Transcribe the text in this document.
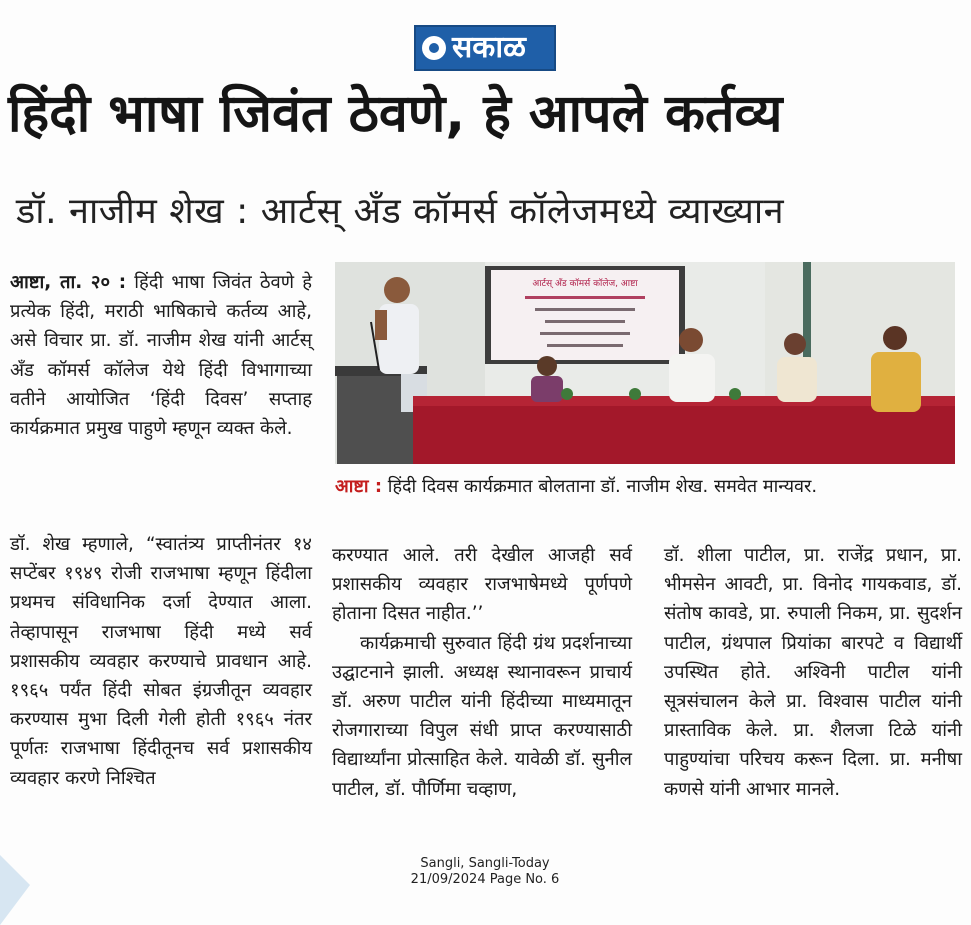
सकाळ
हिंदी भाषा जिवंत ठेवणे, हे आपले कर्तव्य
डॉ. नाजीम शेख : आर्टस् अँड कॉमर्स कॉलेजमध्ये व्याख्यान

आष्टा, ता. २० : हिंदी भाषा जिवंत ठेवणे हे प्रत्येक हिंदी, मराठी भाषिकाचे कर्तव्य आहे, असे विचार प्रा. डॉ. नाजीम शेख यांनी आर्टस् अँड कॉमर्स कॉलेज येथे हिंदी विभागाच्या वतीने आयोजित ‘हिंदी दिवस’ सप्ताह कार्यक्रमात प्रमुख पाहुणे म्हणून व्यक्त केले.

आर्टस् अँड कॉमर्स कॉलेज, आष्टा
आष्टा : हिंदी दिवस कार्यक्रमात बोलताना डॉ. नाजीम शेख. समवेत मान्यवर.

डॉ. शेख म्हणाले, “स्वातंत्र्य प्राप्तीनंतर १४ सप्टेंबर १९४९ रोजी राजभाषा म्हणून हिंदीला प्रथमच संविधानिक दर्जा देण्यात आला. तेव्हापासून राजभाषा हिंदी मध्ये सर्व प्रशासकीय व्यवहार करण्याचे प्रावधान आहे. १९६५ पर्यंत हिंदी सोबत इंग्रजीतून व्यवहार करण्यास मुभा दिली गेली होती १९६५ नंतर पूर्णतः राजभाषा हिंदीतूनच सर्व प्रशासकीय व्यवहार करणे निश्चित

करण्यात आले. तरी देखील आजही सर्व प्रशासकीय व्यवहार राजभाषेमध्ये पूर्णपणे होताना दिसत नाहीत.’’

कार्यक्रमाची सुरुवात हिंदी ग्रंथ प्रदर्शनाच्या उद्घाटनाने झाली. अध्यक्ष स्थानावरून प्राचार्य डॉ. अरुण पाटील यांनी हिंदीच्या माध्यमातून रोजगाराच्या विपुल संधी प्राप्त करण्यासाठी विद्यार्थ्यांना प्रोत्साहित केले. यावेळी डॉ. सुनील पाटील, डॉ. पौर्णिमा चव्हाण,

डॉ. शीला पाटील, प्रा. राजेंद्र प्रधान, प्रा. भीमसेन आवटी, प्रा. विनोद गायकवाड, डॉ. संतोष कावडे, प्रा. रुपाली निकम, प्रा. सुदर्शन पाटील, ग्रंथपाल प्रियांका बारपटे व विद्यार्थी उपस्थित होते. अश्विनी पाटील यांनी सूत्रसंचालन केले प्रा. विश्वास पाटील यांनी प्रास्ताविक केले. प्रा. शैलजा टिळे यांनी पाहुण्यांचा परिचय करून दिला. प्रा. मनीषा कणसे यांनी आभार मानले.

Sangli, Sangli-Today
21/09/2024 Page No. 6
